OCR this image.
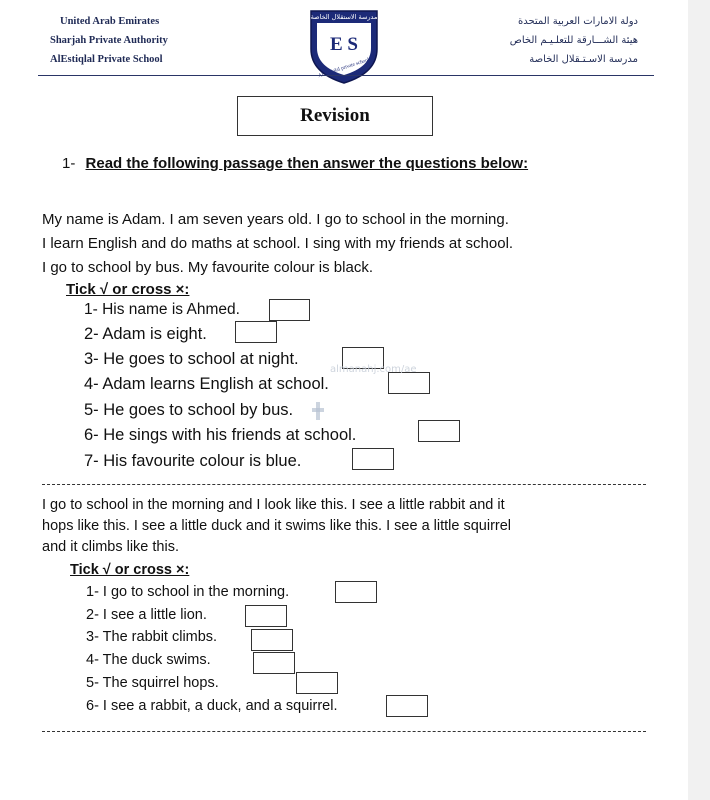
United Arab Emirates
Sharjah Private Authority
AlEstiqlal Private School
مدرسة الاستقلال الخاصة
E S
Al-Estiqlal private school
دولة الامارات العربية المتحدة
هيئة الشـــارقة للتعلـيـم الخاص
مدرسة الاسـتـقلال الخاصة
Revision
1- Read the following passage then answer the questions below:
My name is Adam. I am seven years old. I go to school in the morning.
I learn English and do maths at school. I sing with my friends at school.
I go to school by bus. My favourite colour is black.
Tick √ or cross ×:
1- His name is Ahmed.
2- Adam is eight.
3- He goes to school at night.
4- Adam learns English at school.
5- He goes to school by bus.
6- He sings with his friends at school.
7- His favourite colour is blue.
almanahj.com/ae
I go to school in the morning and I look like this. I see a little rabbit and it
hops like this. I see a little duck and it swims like this. I see a little squirrel
and it climbs like this.
Tick √ or cross ×:
1- I go to school in the morning.
2- I see a little lion.
3- The rabbit climbs.
4- The duck swims.
5- The squirrel hops.
6- I see a rabbit, a duck, and a squirrel.
